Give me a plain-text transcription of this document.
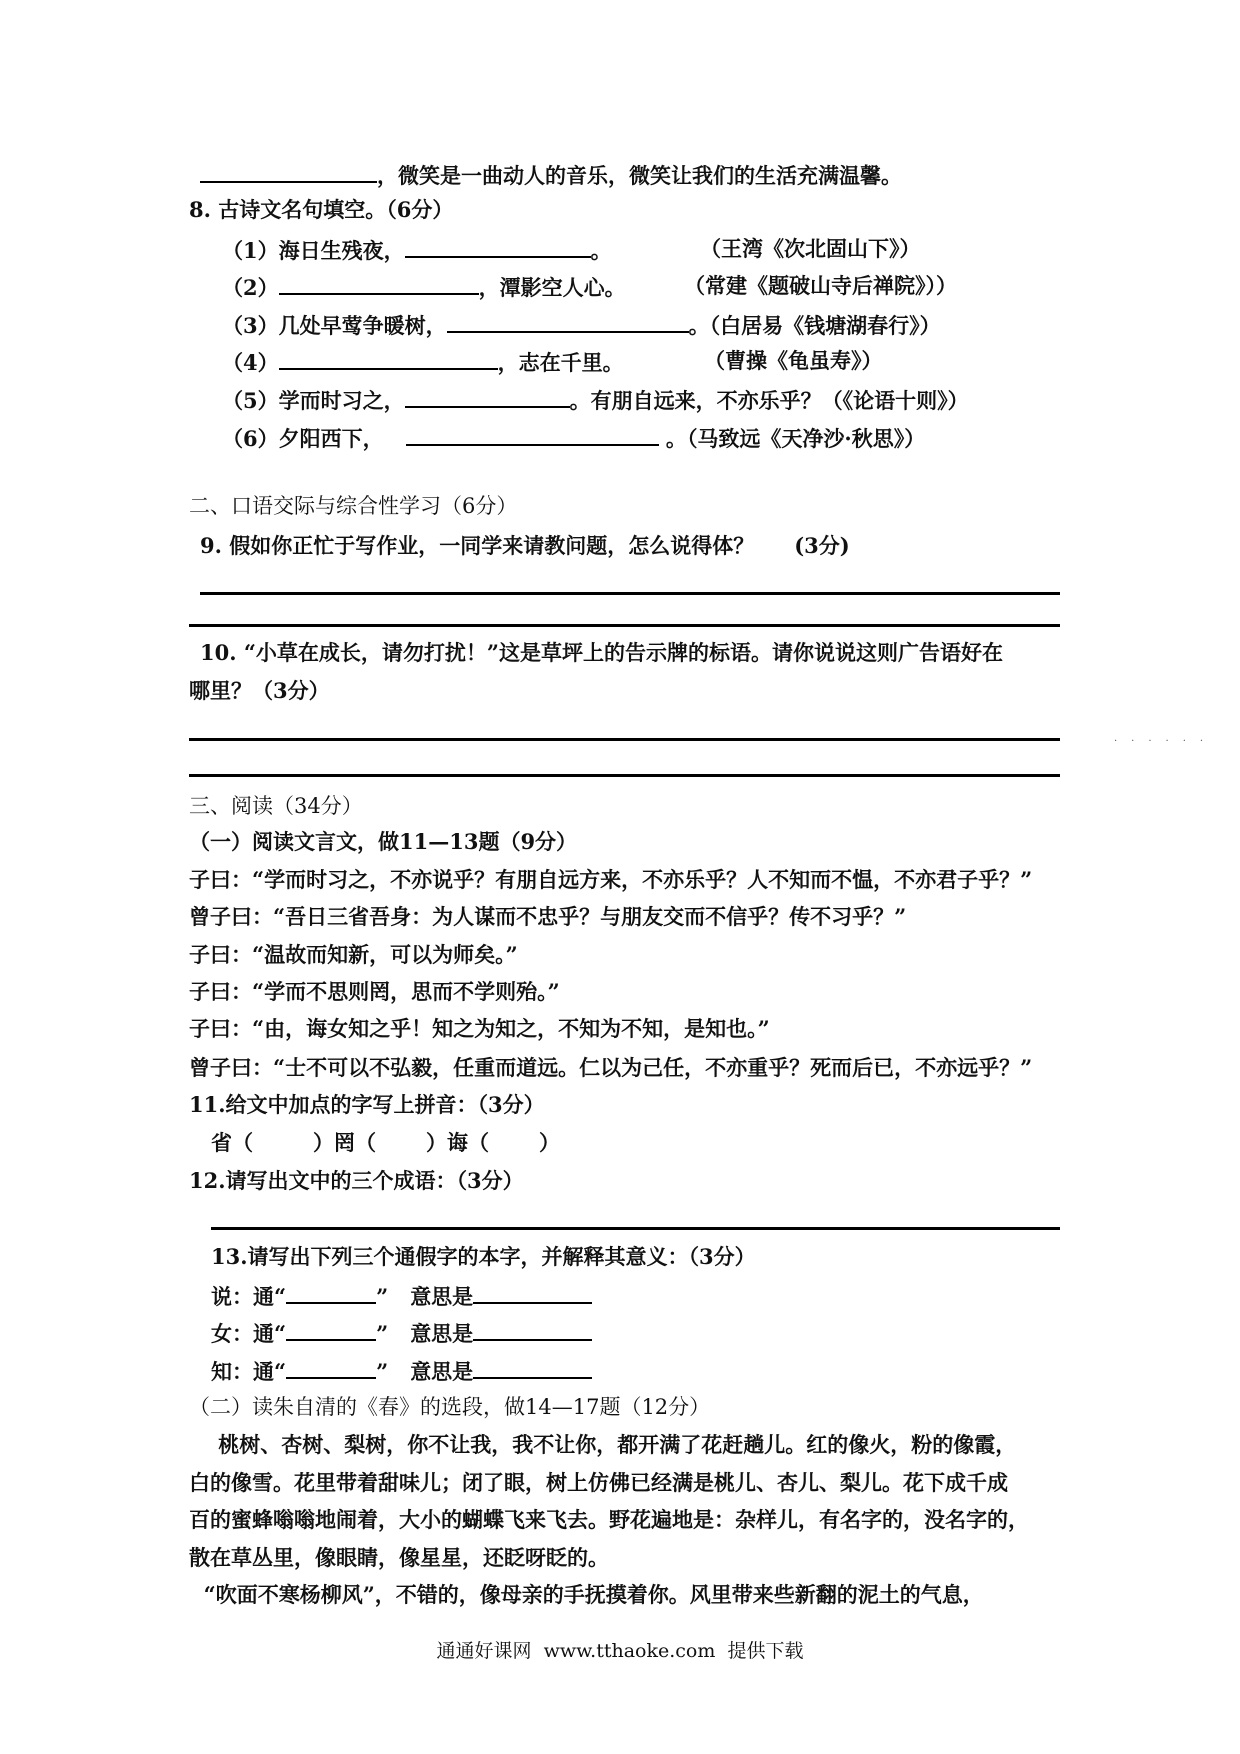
，微笑是一曲动人的音乐，微笑让我们的生活充满温馨。
8. 古诗文名句填空。（6分）
（1）海日生残夜，	。	（王湾《次北固山下》）
（2）	，潭影空人心。	（常建《题破山寺后禅院》））
（3）几处早莺争暖树，	。（白居易《钱塘湖春行》）
（4）	，志在千里。	（曹操《龟虽寿》）
（5）学而时习之，	。有朋自远来，不亦乐乎？（《论语十则》）
（6）夕阳西下，	。（马致远《天净沙·秋思》）
二、口语交际与综合性学习（6分）
9. 假如你正忙于写作业，一同学来请教问题，怎么说得体？ (3分)
10. “小草在成长，请勿打扰！”这是草坪上的告示牌的标语。请你说说这则广告语好在
哪里？（3分）
......
三、阅读（34分）
（一）阅读文言文，做11—13题（9分）
子曰：“学而时习之，不亦说乎？有朋自远方来，不亦乐乎？人不知而不愠，不亦君子乎？”
曾子曰：“吾日三省吾身：为人谋而不忠乎？与朋友交而不信乎？传不习乎？”
子曰：“温故而知新，可以为师矣。”
子曰：“学而不思则罔，思而不学则殆。”
子曰：“由，诲女知之乎！知之为知之，不知为不知，是知也。”
曾子曰：“士不可以不弘毅，任重而道远。仁以为己任，不亦重乎？死而后已，不亦远乎？”
11.给文中加点的字写上拼音：（3分）
省（	）罔（ ）诲（ ）
12.请写出文中的三个成语：（3分）
13.请写出下列三个通假字的本字，并解释其意义：（3分）
说：通“	” 意思是
女：通“	” 意思是
知：通“	” 意思是
（二）读朱自清的《春》的选段，做14—17题（12分）
桃树、杏树、梨树，你不让我，我不让你，都开满了花赶趟儿。红的像火，粉的像霞，
白的像雪。花里带着甜味儿；闭了眼，树上仿佛已经满是桃儿、杏儿、梨儿。花下成千成
百的蜜蜂嗡嗡地闹着，大小的蝴蝶飞来飞去。野花遍地是：杂样儿，有名字的，没名字的，
散在草丛里，像眼睛，像星星，还眨呀眨的。
“吹面不寒杨柳风”，不错的，像母亲的手抚摸着你。风里带来些新翻的泥土的气息，
通通好课网  www.tthaoke.com  提供下载
